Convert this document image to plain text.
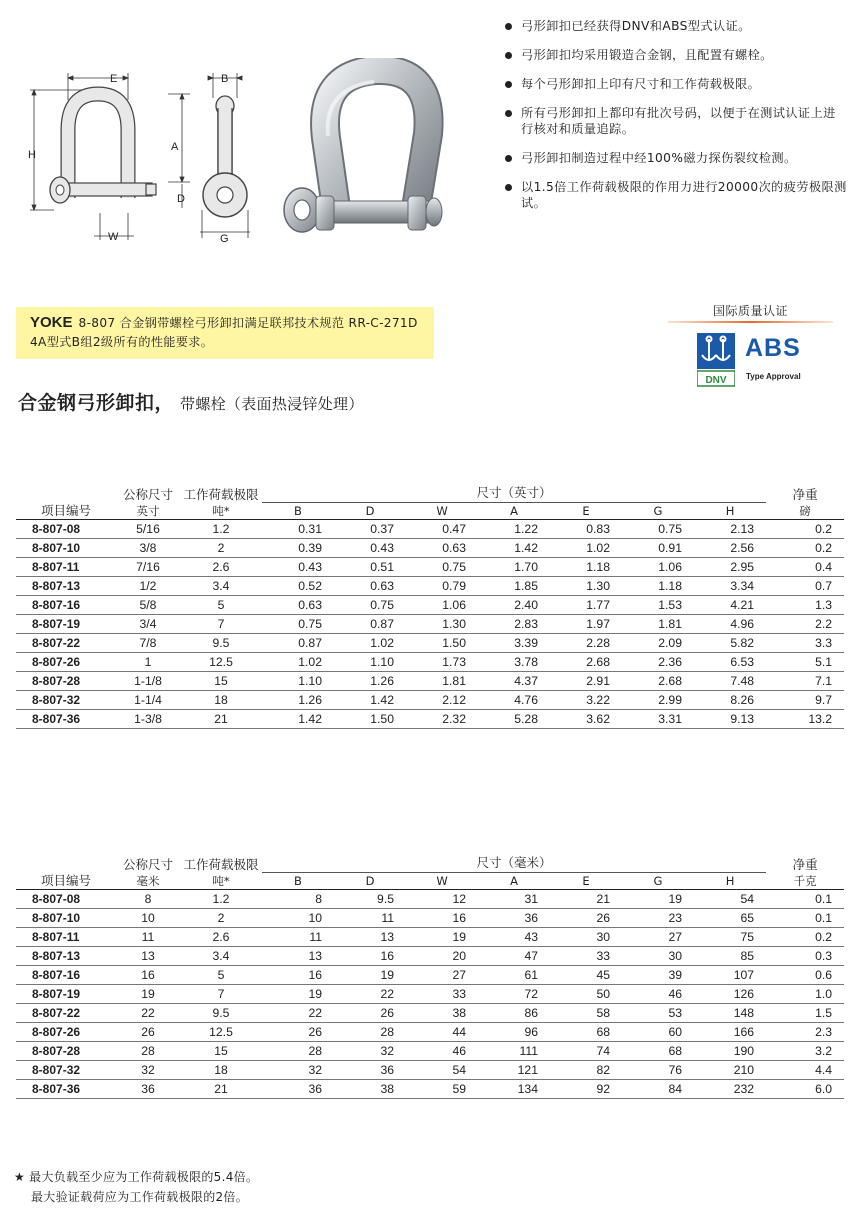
E
H
W
B
G
A
D
弓形卸扣已经获得DNV和ABS型式认证。
弓形卸扣均采用锻造合金钢，且配置有螺栓。
每个弓形卸扣上印有尺寸和工作荷载极限。
所有弓形卸扣上都印有批次号码，以便于在测试认证上进行核对和质量追踪。
弓形卸扣制造过程中经100%磁力探伤裂纹检测。
以1.5倍工作荷载极限的作用力进行20000次的疲劳极限测试。
YOKE 8-807 合金钢带螺栓弓形卸扣满足联邦技术规范 RR-C-271D 4A型式B组2级所有的性能要求。
国际质量认证
DNV
ABS
Type Approval
合金钢弓形卸扣， 带螺栓（表面热浸锌处理）
项目编号	公称尺寸	工作荷载极限	尺寸（英寸）							净重
	英寸	吨*	B	D	W	A	E	G	H	磅
8-807-08	5/16	1.2	0.31	0.37	0.47	1.22	0.83	0.75	2.13	0.2
8-807-10	3/8	2	0.39	0.43	0.63	1.42	1.02	0.91	2.56	0.2
8-807-11	7/16	2.6	0.43	0.51	0.75	1.70	1.18	1.06	2.95	0.4
8-807-13	1/2	3.4	0.52	0.63	0.79	1.85	1.30	1.18	3.34	0.7
8-807-16	5/8	5	0.63	0.75	1.06	2.40	1.77	1.53	4.21	1.3
8-807-19	3/4	7	0.75	0.87	1.30	2.83	1.97	1.81	4.96	2.2
8-807-22	7/8	9.5	0.87	1.02	1.50	3.39	2.28	2.09	5.82	3.3
8-807-26	1	12.5	1.02	1.10	1.73	3.78	2.68	2.36	6.53	5.1
8-807-28	1-1/8	15	1.10	1.26	1.81	4.37	2.91	2.68	7.48	7.1
8-807-32	1-1/4	18	1.26	1.42	2.12	4.76	3.22	2.99	8.26	9.7
8-807-36	1-3/8	21	1.42	1.50	2.32	5.28	3.62	3.31	9.13	13.2
项目编号	公称尺寸	工作荷载极限	尺寸（毫米）							净重
	毫米	吨*	B	D	W	A	E	G	H	千克
8-807-08	8	1.2	8	9.5	12	31	21	19	54	0.1
8-807-10	10	2	10	11	16	36	26	23	65	0.1
8-807-11	11	2.6	11	13	19	43	30	27	75	0.2
8-807-13	13	3.4	13	16	20	47	33	30	85	0.3
8-807-16	16	5	16	19	27	61	45	39	107	0.6
8-807-19	19	7	19	22	33	72	50	46	126	1.0
8-807-22	22	9.5	22	26	38	86	58	53	148	1.5
8-807-26	26	12.5	26	28	44	96	68	60	166	2.3
8-807-28	28	15	28	32	46	111	74	68	190	3.2
8-807-32	32	18	32	36	54	121	82	76	210	4.4
8-807-36	36	21	36	38	59	134	92	84	232	6.0
★ 最大负载至少应为工作荷载极限的5.4倍。
最大验证载荷应为工作荷载极限的2倍。
